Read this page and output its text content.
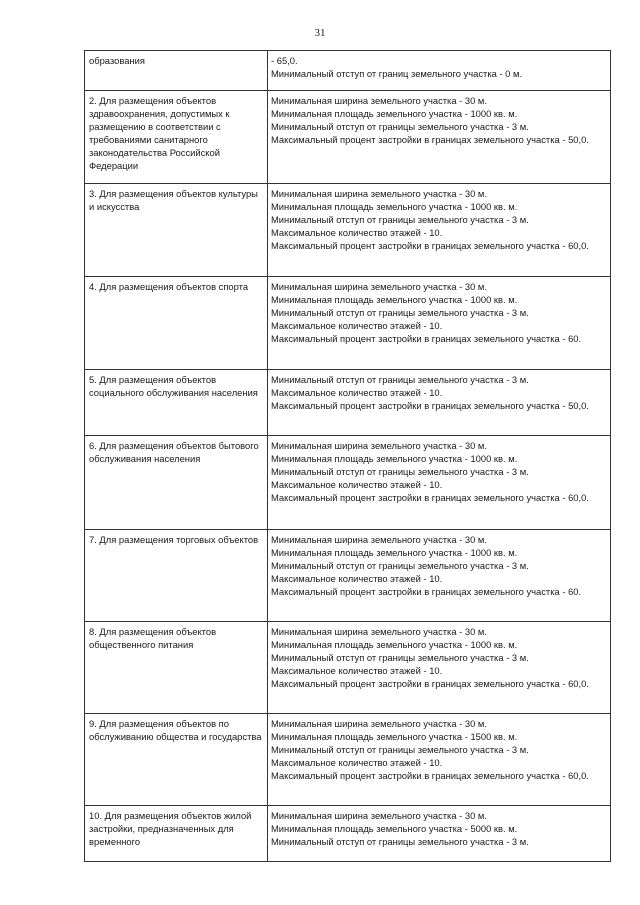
31
образования	- 65,0.
Минимальный отступ от границ земельного участка - 0 м.

2. Для размещения объектов здравоохранения, допустимых к размещению в соответствии с требованиями санитарного законодательства Российской Федерации	Минимальная ширина земельного участка - 30 м.
Минимальная площадь земельного участка - 1000 кв. м.
Минимальный отступ от границы земельного участка - 3 м.
Максимальный процент застройки в границах земельного участка - 50,0.

3. Для размещения объектов культуры и искусства	Минимальная ширина земельного участка - 30 м.
Минимальная площадь земельного участка - 1000 кв. м.
Минимальный отступ от границы земельного участка - 3 м.
Максимальное количество этажей - 10.
Максимальный процент застройки в границах земельного участка - 60,0.

4. Для размещения объектов спорта	Минимальная ширина земельного участка - 30 м.
Минимальная площадь земельного участка - 1000 кв. м.
Минимальный отступ от границы земельного участка - 3 м.
Максимальное количество этажей - 10.
Максимальный процент застройки в границах земельного участка - 60.

5. Для размещения объектов социального обслуживания населения	Минимальный отступ от границы земельного участка - 3 м.
Максимальное количество этажей - 10.
Максимальный процент застройки в границах земельного участка - 50,0.

6. Для размещения объектов бытового обслуживания населения	Минимальная ширина земельного участка - 30 м.
Минимальная площадь земельного участка - 1000 кв. м.
Минимальный отступ от границы земельного участка - 3 м.
Максимальное количество этажей - 10.
Максимальный процент застройки в границах земельного участка - 60,0.

7. Для размещения торговых объектов	Минимальная ширина земельного участка - 30 м.
Минимальная площадь земельного участка - 1000 кв. м.
Минимальный отступ от границы земельного участка - 3 м.
Максимальное количество этажей - 10.
Максимальный процент застройки в границах земельного участка - 60.

8. Для размещения объектов общественного питания	Минимальная ширина земельного участка - 30 м.
Минимальная площадь земельного участка - 1000 кв. м.
Минимальный отступ от границы земельного участка - 3 м.
Максимальное количество этажей - 10.
Максимальный процент застройки в границах земельного участка - 60,0.

9. Для размещения объектов по обслуживанию общества и государства	Минимальная ширина земельного участка - 30 м.
Минимальная площадь земельного участка - 1500 кв. м.
Минимальный отступ от границы земельного участка - 3 м.
Максимальное количество этажей - 10.
Максимальный процент застройки в границах земельного участка - 60,0.

10. Для размещения объектов жилой застройки, предназначенных для временного	Минимальная ширина земельного участка - 30 м.
Минимальная площадь земельного участка - 5000 кв. м.
Минимальный отступ от границы земельного участка - 3 м.
